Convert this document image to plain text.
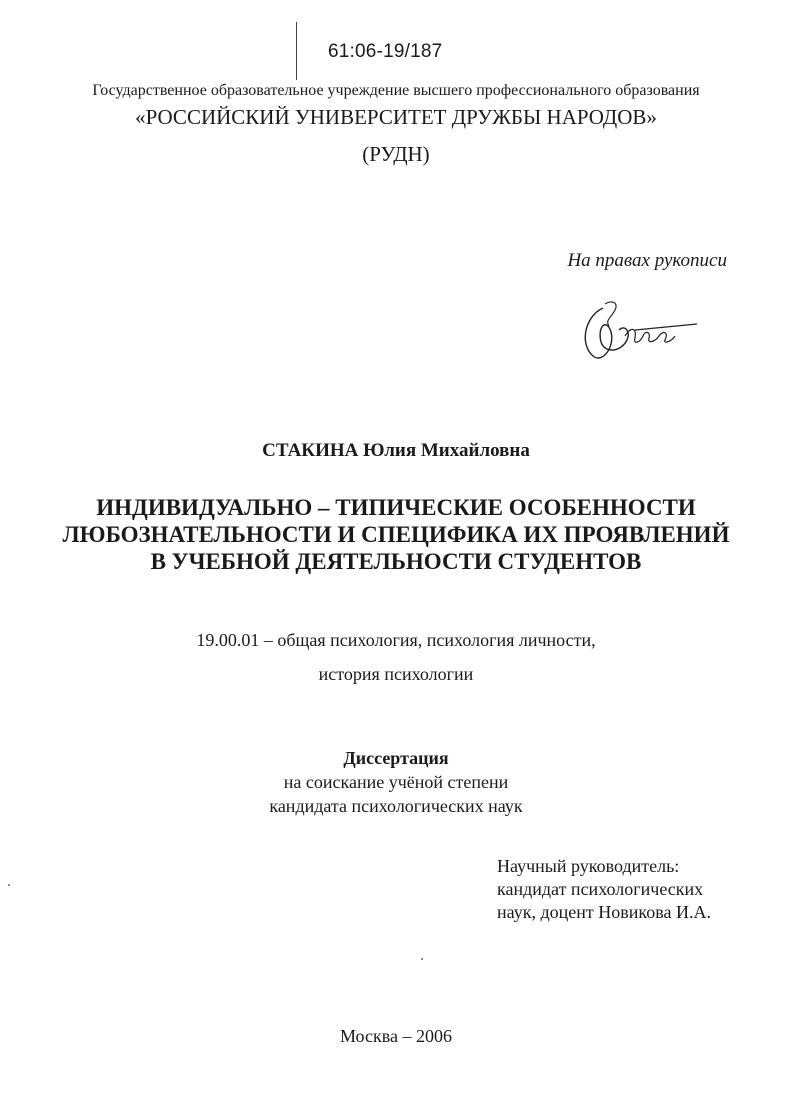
61:06-19/187
Государственное образовательное учреждение высшего профессионального образования
«РОССИЙСКИЙ УНИВЕРСИТЕТ ДРУЖБЫ НАРОДОВ»
(РУДН)
На правах рукописи
СТАКИНА Юлия Михайловна
ИНДИВИДУАЛЬНО – ТИПИЧЕСКИЕ ОСОБЕННОСТИ
ЛЮБОЗНАТЕЛЬНОСТИ И СПЕЦИФИКА ИХ ПРОЯВЛЕНИЙ
В УЧЕБНОЙ ДЕЯТЕЛЬНОСТИ СТУДЕНТОВ
19.00.01 – общая психология, психология личности,
история психологии
Диссертация
на соискание учёной степени
кандидата психологических наук
Научный руководитель:
кандидат психологических
наук, доцент Новикова И.А.
Москва – 2006
